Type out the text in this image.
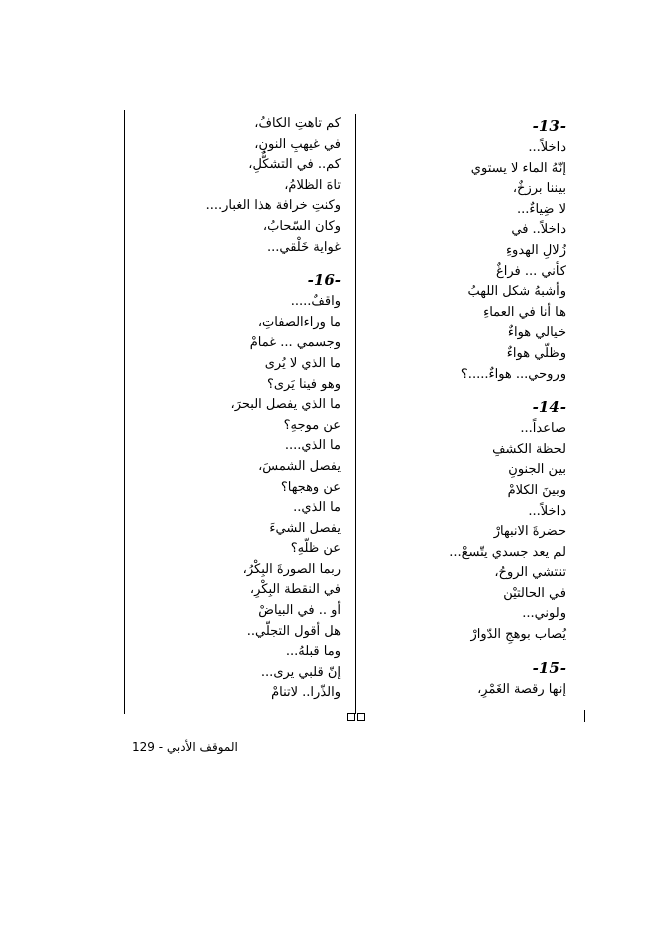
-13-
داخلاً...
إنّهُ الماء لا يستوي
بيننا برزخٌ،
لا ضِياءٌ...
داخلاً.. في
زُلالِ الهدوءِ
كأني ... فراغٌ
وأشبهُ شكل اللهبُ
ها أنا في العماءِ
خيالي هواءٌ
وظلّي هواءٌ
وروحي... هواءٌ.....؟
-14-
صاعداً...
لحظة الكشفِ
بين الجنونِ
وبينَ الكلامْ
داخلاً...
حضرةَ الانبهارْ
لم يعد جسدي يتّسعْ...
تنتشي الروحُ،
في الحالتيْن
ولوني...
يُصاب بوهجِ الدّوارْ
-15-
إنها رقصة الغَمْرِ،
كم تاهتِ الكافُ،
في غيهبِ النونِ،
كم.. في التشكُّلِ،
تاهَ الظلامُ،
وكنتِ خرافة هذا الغبار....
وكان السّحابُ،
غواية خَلْقي...
-16-
واقفٌ.....
ما وراءالصفاتِ،
وجسمي ... غمامْ
ما الذي لا يُرى
وهو فينا يَرى؟
ما الذي يفصل البحرَ،
عن موجهِ؟
ما الذي....
يفصل الشمسَ،
عن وهجها؟
ما الذي..
يفصل الشيءَ
عن ظلّهِ؟
ربما الصورةَ البِكْرُ،
في النقطة البِكْرِ،
أو .. في البياضْ
هل أقول التجلّي..
وما قبلهُ...
إنّ قلبي يرى...
والذّرا.. لاتنامْ
الموقف الأدبي - 129
